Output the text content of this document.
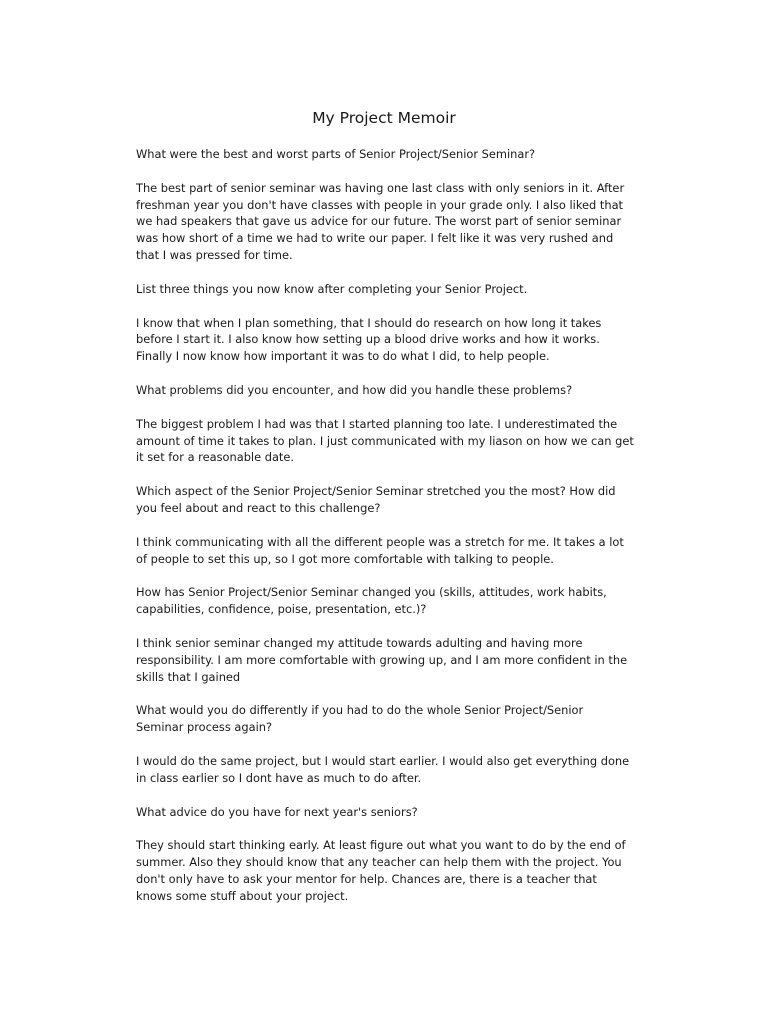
My Project Memoir

What were the best and worst parts of Senior Project/Senior Seminar?

The best part of senior seminar was having one last class with only seniors in it. After freshman year you don't have classes with people in your grade only. I also liked that we had speakers that gave us advice for our future. The worst part of senior seminar was how short of a time we had to write our paper. I felt like it was very rushed and that I was pressed for time.

List three things you now know after completing your Senior Project.

I know that when I plan something, that I should do research on how long it takes before I start it. I also know how setting up a blood drive works and how it works. Finally I now know how important it was to do what I did, to help people.

What problems did you encounter, and how did you handle these problems?

The biggest problem I had was that I started planning too late. I underestimated the amount of time it takes to plan. I just communicated with my liason on how we can get it set for a reasonable date.

Which aspect of the Senior Project/Senior Seminar stretched you the most? How did you feel about and react to this challenge?

I think communicating with all the different people was a stretch for me. It takes a lot of people to set this up, so I got more comfortable with talking to people.

How has Senior Project/Senior Seminar changed you (skills, attitudes, work habits, capabilities, confidence, poise, presentation, etc.)?

I think senior seminar changed my attitude towards adulting and having more responsibility. I am more comfortable with growing up, and I am more confident in the skills that I gained

What would you do differently if you had to do the whole Senior Project/Senior Seminar process again?

I would do the same project, but I would start earlier. I would also get everything done in class earlier so I dont have as much to do after.

What advice do you have for next year's seniors?

They should start thinking early. At least figure out what you want to do by the end of summer. Also they should know that any teacher can help them with the project. You don't only have to ask your mentor for help. Chances are, there is a teacher that knows some stuff about your project.
